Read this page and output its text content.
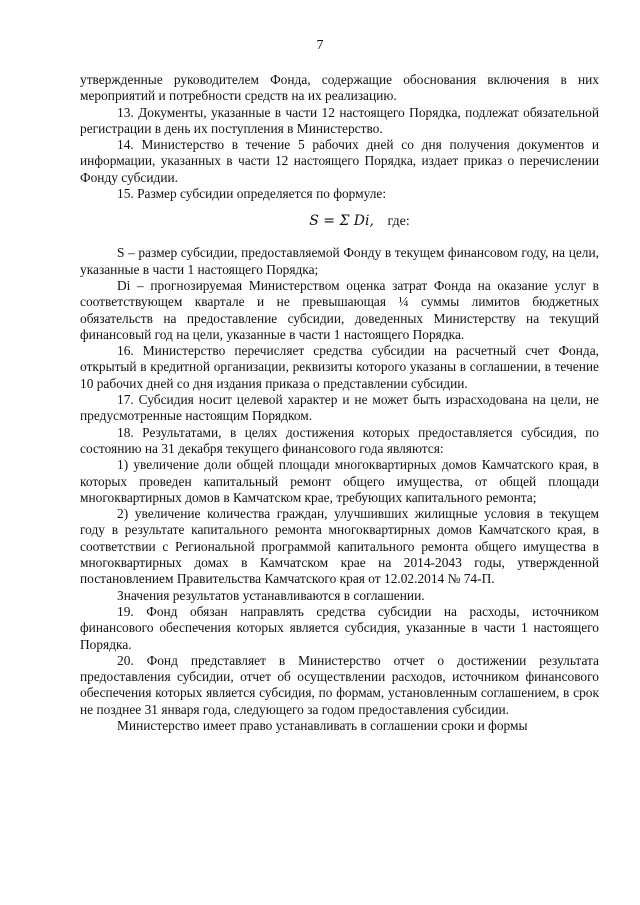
7

утвержденные руководителем Фонда, содержащие обоснования включения в них мероприятий и потребности средств на их реализацию.

13. Документы, указанные в части 12 настоящего Порядка, подлежат обязательной регистрации в день их поступления в Министерство.

14. Министерство в течение 5 рабочих дней со дня получения документов и информации, указанных в части 12 настоящего Порядка, издает приказ о перечислении Фонду субсидии.

15. Размер субсидии определяется по формуле:

S = Σ Di, где:

S – размер субсидии, предоставляемой Фонду в текущем финансовом году, на цели, указанные в части 1 настоящего Порядка;

Di – прогнозируемая Министерством оценка затрат Фонда на оказание услуг в соответствующем квартале и не превышающая ¼ суммы лимитов бюджетных обязательств на предоставление субсидии, доведенных Министерству на текущий финансовый год на цели, указанные в части 1 настоящего Порядка.

16. Министерство перечисляет средства субсидии на расчетный счет Фонда, открытый в кредитной организации, реквизиты которого указаны в соглашении, в течение 10 рабочих дней со дня издания приказа о представлении субсидии.

17. Субсидия носит целевой характер и не может быть израсходована на цели, не предусмотренные настоящим Порядком.

18. Результатами, в целях достижения которых предоставляется субсидия, по состоянию на 31 декабря текущего финансового года являются:

1) увеличение доли общей площади многоквартирных домов Камчатского края, в которых проведен капитальный ремонт общего имущества, от общей площади многоквартирных домов в Камчатском крае, требующих капитального ремонта;

2) увеличение количества граждан, улучшивших жилищные условия в текущем году в результате капитального ремонта многоквартирных домов Камчатского края, в соответствии с Региональной программой капитального ремонта общего имущества в многоквартирных домах в Камчатском крае на 2014-2043 годы, утвержденной постановлением Правительства Камчатского края от 12.02.2014 № 74-П.

Значения результатов устанавливаются в соглашении.

19. Фонд обязан направлять средства субсидии на расходы, источником финансового обеспечения которых является субсидия, указанные в части 1 настоящего Порядка.

20. Фонд представляет в Министерство отчет о достижении результата предоставления субсидии, отчет об осуществлении расходов, источником финансового обеспечения которых является субсидия, по формам, установленным соглашением, в срок не позднее 31 января года, следующего за годом предоставления субсидии.

Министерство имеет право устанавливать в соглашении сроки и формы
